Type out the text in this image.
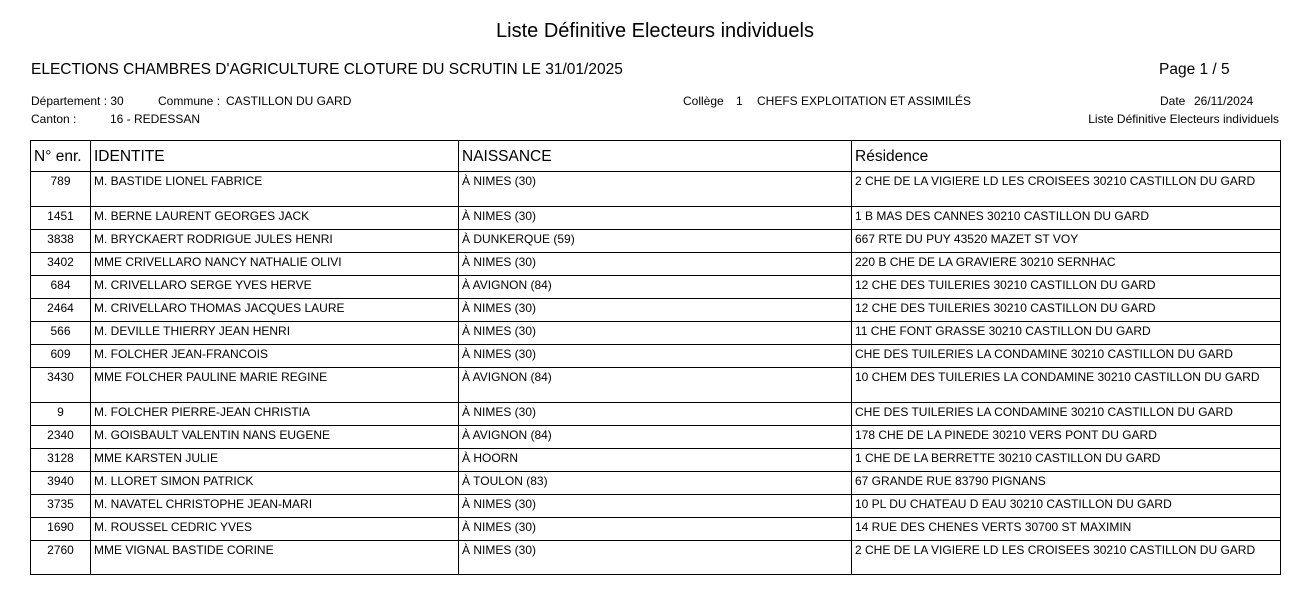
Liste Définitive Electeurs individuels
ELECTIONS CHAMBRES D'AGRICULTURE CLOTURE DU SCRUTIN LE 31/01/2025	Page 1 / 5
Département : 30	Commune : CASTILLON DU GARD	Collège 1 CHEFS EXPLOITATION ET ASSIMILÉS	Date 26/11/2024
Canton :	16 - REDESSAN	Liste Définitive Electeurs individuels
N° enr.	IDENTITE	NAISSANCE	Résidence
789	M. BASTIDE LIONEL FABRICE	À NIMES (30)	2 CHE DE LA VIGIERE LD LES CROISEES 30210 CASTILLON DU GARD
1451	M. BERNE LAURENT GEORGES JACK	À NIMES (30)	1 B MAS DES CANNES 30210 CASTILLON DU GARD
3838	M. BRYCKAERT RODRIGUE JULES HENRI	À DUNKERQUE (59)	667 RTE DU PUY 43520 MAZET ST VOY
3402	MME CRIVELLARO NANCY NATHALIE OLIVI	À NIMES (30)	220 B CHE DE LA GRAVIERE 30210 SERNHAC
684	M. CRIVELLARO SERGE YVES HERVE	À AVIGNON (84)	12 CHE DES TUILERIES 30210 CASTILLON DU GARD
2464	M. CRIVELLARO THOMAS JACQUES LAURE	À NIMES (30)	12 CHE DES TUILERIES 30210 CASTILLON DU GARD
566	M. DEVILLE THIERRY JEAN HENRI	À NIMES (30)	11 CHE FONT GRASSE 30210 CASTILLON DU GARD
609	M. FOLCHER JEAN-FRANCOIS	À NIMES (30)	CHE DES TUILERIES LA CONDAMINE 30210 CASTILLON DU GARD
3430	MME FOLCHER PAULINE MARIE REGINE	À AVIGNON (84)	10 CHEM DES TUILERIES LA CONDAMINE 30210 CASTILLON DU GARD
9	M. FOLCHER PIERRE-JEAN CHRISTIA	À NIMES (30)	CHE DES TUILERIES LA CONDAMINE 30210 CASTILLON DU GARD
2340	M. GOISBAULT VALENTIN NANS EUGENE	À AVIGNON (84)	178 CHE DE LA PINEDE 30210 VERS PONT DU GARD
3128	MME KARSTEN JULIE	À HOORN	1 CHE DE LA BERRETTE 30210 CASTILLON DU GARD
3940	M. LLORET SIMON PATRICK	À TOULON (83)	67 GRANDE RUE 83790 PIGNANS
3735	M. NAVATEL CHRISTOPHE JEAN-MARI	À NIMES (30)	10 PL DU CHATEAU D EAU 30210 CASTILLON DU GARD
1690	M. ROUSSEL CEDRIC YVES	À NIMES (30)	14 RUE DES CHENES VERTS 30700 ST MAXIMIN
2760	MME VIGNAL BASTIDE CORINE	À NIMES (30)	2 CHE DE LA VIGIERE LD LES CROISEES 30210 CASTILLON DU GARD
